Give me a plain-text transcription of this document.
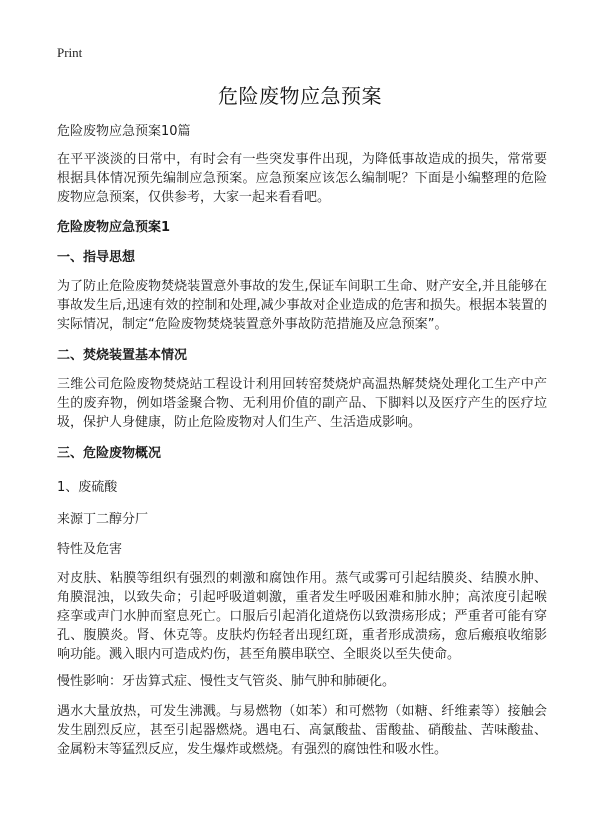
Print
危险废物应急预案
危险废物应急预案10篇
在平平淡淡的日常中，有时会有一些突发事件出现，为降低事故造成的损失，常常要根据具体情况预先编制应急预案。应急预案应该怎么编制呢？下面是小编整理的危险废物应急预案，仅供参考，大家一起来看看吧。
危险废物应急预案1
一、指导思想
为了防止危险废物焚烧装置意外事故的发生,保证车间职工生命、财产安全,并且能够在事故发生后,迅速有效的控制和处理,减少事故对企业造成的危害和损失。根据本装置的实际情况，制定“危险废物焚烧装置意外事故防范措施及应急预案”。
二、焚烧装置基本情况
三维公司危险废物焚烧站工程设计利用回转窑焚烧炉高温热解焚烧处理化工生产中产生的废弃物，例如塔釜聚合物、无利用价值的副产品、下脚料以及医疗产生的医疗垃圾，保护人身健康，防止危险废物对人们生产、生活造成影响。
三、危险废物概况
1、废硫酸
来源丁二醇分厂
特性及危害
对皮肤、粘膜等组织有强烈的刺激和腐蚀作用。蒸气或雾可引起结膜炎、结膜水肿、角膜混浊，以致失命；引起呼吸道刺激，重者发生呼吸困难和肺水肿；高浓度引起喉痉挛或声门水肿而窒息死亡。口服后引起消化道烧伤以致溃疡形成；严重者可能有穿孔、腹膜炎。肾、休克等。皮肤灼伤轻者出现红斑，重者形成溃疡，愈后瘢痕收缩影响功能。溅入眼内可造成灼伤，甚至角膜串联空、全眼炎以至失使命。
慢性影响：牙齿算式症、慢性支气管炎、肺气肿和肺硬化。
遇水大量放热，可发生沸溅。与易燃物（如苯）和可燃物（如糖、纤维素等）接触会发生剧烈反应，甚至引起器燃烧。遇电石、高氯酸盐、雷酸盐、硝酸盐、苦味酸盐、金属粉末等猛烈反应，发生爆炸或燃烧。有强烈的腐蚀性和吸水性。
